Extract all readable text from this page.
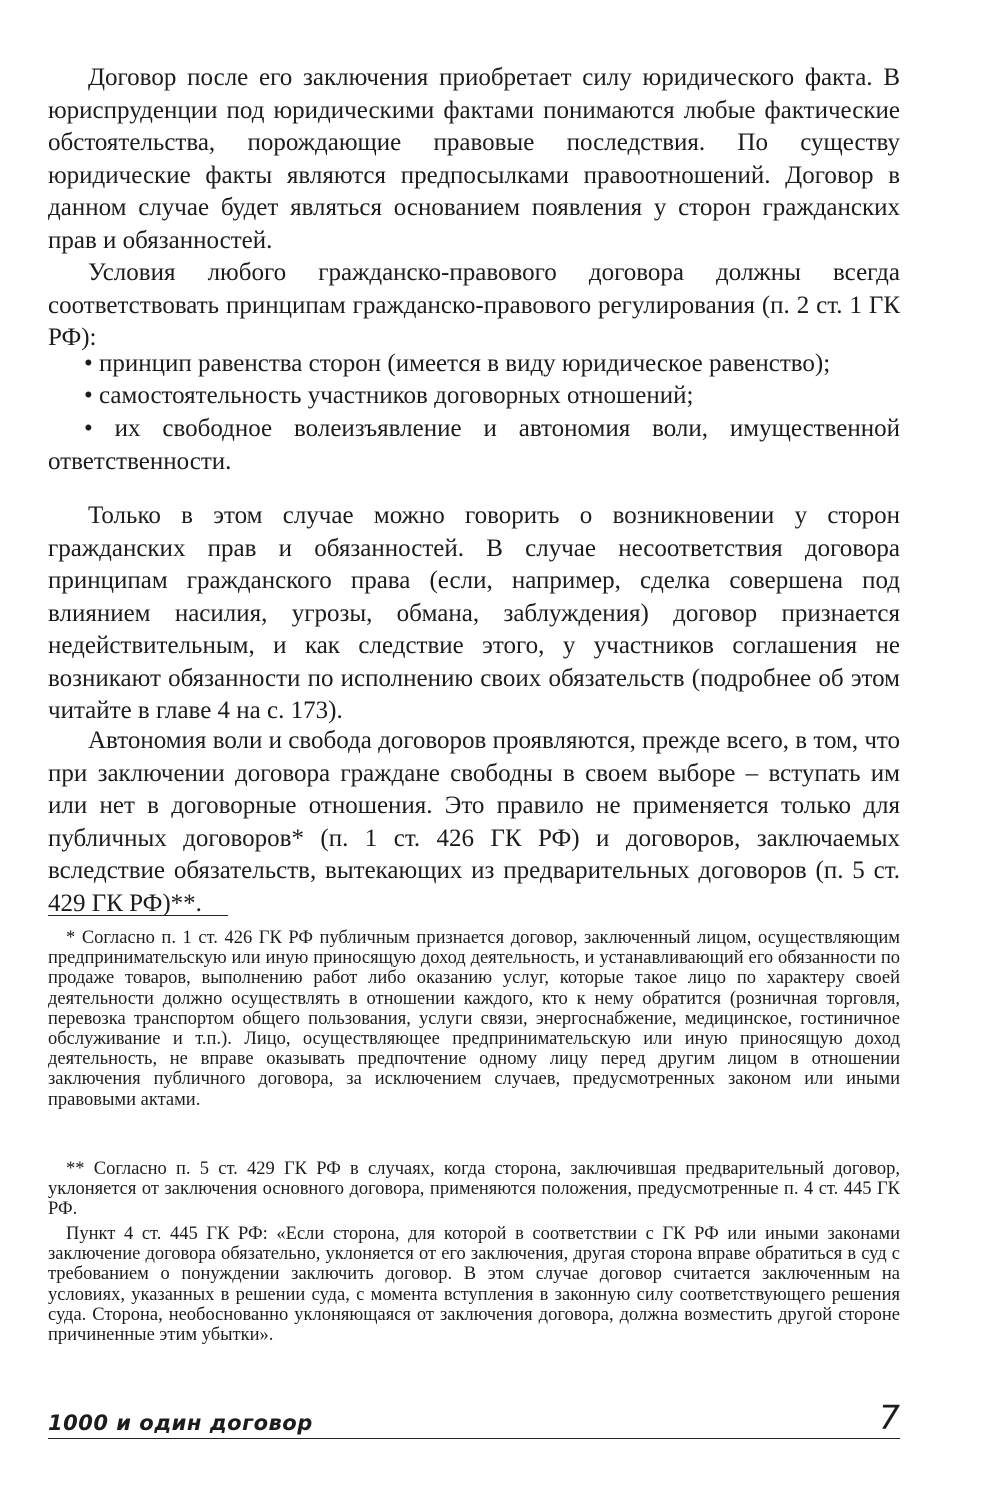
Договор после его заключения приобретает силу юридического факта. В юриспруденции под юридическими фактами понимаются любые фактические обстоятельства, порождающие правовые последствия. По существу юридические факты являются предпосылками правоотношений. Договор в данном случае будет являться основанием появления у сторон гражданских прав и обязанностей.

Условия любого гражданско-правового договора должны всегда соответствовать принципам гражданско-правового регулирования (п. 2 ст. 1 ГК РФ):

• принцип равенства сторон (имеется в виду юридическое равенство);

• самостоятельность участников договорных отношений;

• их свободное волеизъявление и автономия воли, имущественной ответственности.

Только в этом случае можно говорить о возникновении у сторон гражданских прав и обязанностей. В случае несоответствия договора принципам гражданского права (если, например, сделка совершена под влиянием насилия, угрозы, обмана, заблуждения) договор признается недействительным, и как следствие этого, у участников соглашения не возникают обязанности по исполнению своих обязательств (подробнее об этом читайте в главе 4 на с. 173).

Автономия воли и свобода договоров проявляются, прежде всего, в том, что при заключении договора граждане свободны в своем выборе – вступать им или нет в договорные отношения. Это правило не применяется только для публичных договоров* (п. 1 ст. 426 ГК РФ) и договоров, заключаемых вследствие обязательств, вытекающих из предварительных договоров (п. 5 ст. 429 ГК РФ)**.

* Согласно п. 1 ст. 426 ГК РФ публичным признается договор, заключенный лицом, осуществляющим предпринимательскую или иную приносящую доход деятельность, и устанавливающий его обязанности по продаже товаров, выполнению работ либо оказанию услуг, которые такое лицо по характеру своей деятельности должно осуществлять в отношении каждого, кто к нему обратится (розничная торговля, перевозка транспортом общего пользования, услуги связи, энергоснабжение, медицинское, гостиничное обслуживание и т.п.). Лицо, осуществляющее предпринимательскую или иную приносящую доход деятельность, не вправе оказывать предпочтение одному лицу перед другим лицом в отношении заключения публичного договора, за исключением случаев, предусмотренных законом или иными правовыми актами.

** Согласно п. 5 ст. 429 ГК РФ в случаях, когда сторона, заключившая предварительный договор, уклоняется от заключения основного договора, применяются положения, предусмотренные п. 4 ст. 445 ГК РФ.

Пункт 4 ст. 445 ГК РФ: «Если сторона, для которой в соответствии с ГК РФ или иными законами заключение договора обязательно, уклоняется от его заключения, другая сторона вправе обратиться в суд с требованием о понуждении заключить договор. В этом случае договор считается заключенным на условиях, указанных в решении суда, с момента вступления в законную силу соответствующего решения суда. Сторона, необоснованно уклоняющаяся от заключения договора, должна возместить другой стороне причиненные этим убытки».

1000 и один договор	7
